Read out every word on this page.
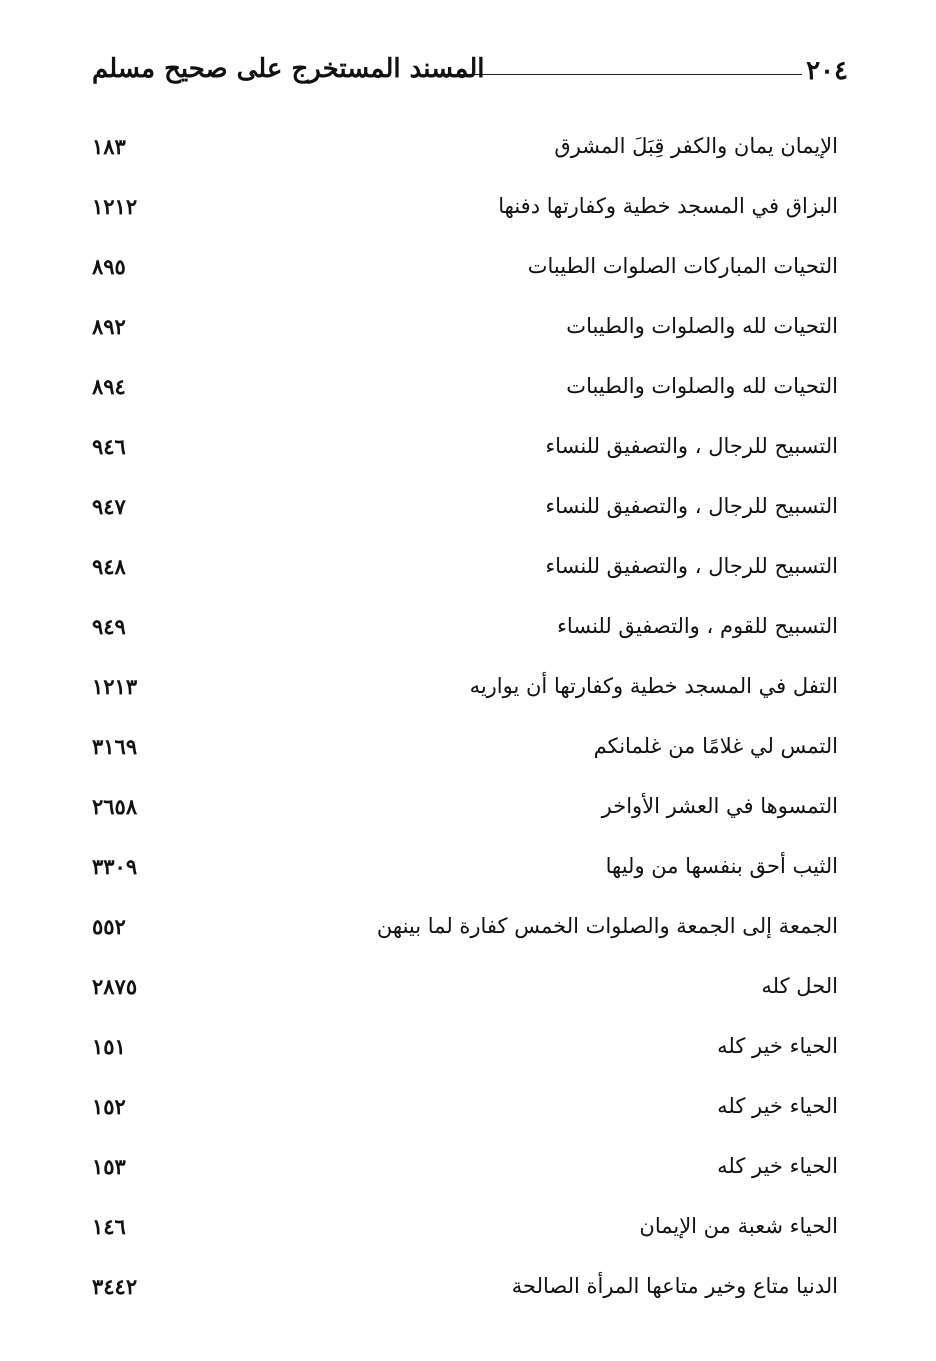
٢٠٤
المسند المستخرج على صحيح مسلم
الإيمان يمان والكفر قِبَلَ المشرق
١٨٣
البزاق في المسجد خطية وكفارتها دفنها
١٢١٢
التحيات المباركات الصلوات الطيبات
٨٩٥
التحيات لله والصلوات والطيبات
٨٩٢
التحيات لله والصلوات والطيبات
٨٩٤
التسبيح للرجال ، والتصفيق للنساء
٩٤٦
التسبيح للرجال ، والتصفيق للنساء
٩٤٧
التسبيح للرجال ، والتصفيق للنساء
٩٤٨
التسبيح للقوم ، والتصفيق للنساء
٩٤٩
التفل في المسجد خطية وكفارتها أن يواريه
١٢١٣
التمس لي غلامًا من غلمانكم
٣١٦٩
التمسوها في العشر الأواخر
٢٦٥٨
الثيب أحق بنفسها من وليها
٣٣٠٩
الجمعة إلى الجمعة والصلوات الخمس كفارة لما بينهن
٥٥٢
الحل كله
٢٨٧٥
الحياء خير كله
١٥١
الحياء خير كله
١٥٢
الحياء خير كله
١٥٣
الحياء شعبة من الإيمان
١٤٦
الدنيا متاع وخير متاعها المرأة الصالحة
٣٤٤٢
